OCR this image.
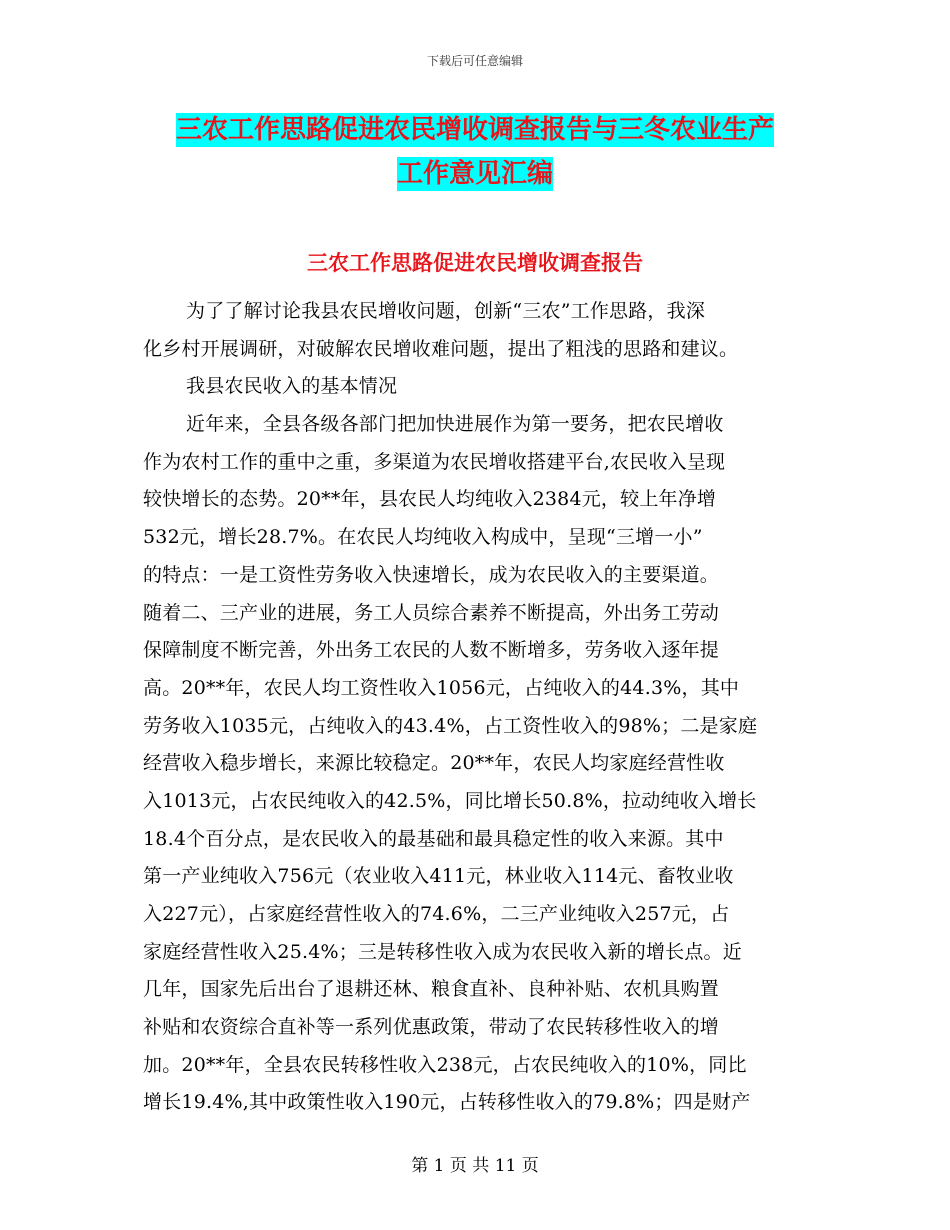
下载后可任意编辑
三农工作思路促进农民增收调查报告与三冬农业生产
工作意见汇编
三农工作思路促进农民增收调查报告
为了了解讨论我县农民增收问题，创新“三农”工作思路，我深
化乡村开展调研，对破解农民增收难问题，提出了粗浅的思路和建议。
我县农民收入的基本情况
近年来，全县各级各部门把加快进展作为第一要务，把农民增收
作为农村工作的重中之重，多渠道为农民增收搭建平台,农民收入呈现
较快增长的态势。20**年，县农民人均纯收入2384元，较上年净增
532元，增长28.7%。在农民人均纯收入构成中，呈现“三增一小”
的特点：一是工资性劳务收入快速增长，成为农民收入的主要渠道。
随着二、三产业的进展，务工人员综合素养不断提高，外出务工劳动
保障制度不断完善，外出务工农民的人数不断增多，劳务收入逐年提
高。20**年，农民人均工资性收入1056元，占纯收入的44.3%，其中
劳务收入1035元，占纯收入的43.4%，占工资性收入的98%；二是家庭
经营收入稳步增长，来源比较稳定。20**年，农民人均家庭经营性收
入1013元，占农民纯收入的42.5%，同比增长50.8%，拉动纯收入增长
18.4个百分点，是农民收入的最基础和最具稳定性的收入来源。其中
第一产业纯收入756元（农业收入411元，林业收入114元、畜牧业收
入227元），占家庭经营性收入的74.6%，二三产业纯收入257元，占
家庭经营性收入25.4%；三是转移性收入成为农民收入新的增长点。近
几年，国家先后出台了退耕还林、粮食直补、良种补贴、农机具购置
补贴和农资综合直补等一系列优惠政策，带动了农民转移性收入的增
加。20**年，全县农民转移性收入238元，占农民纯收入的10%，同比
增长19.4%,其中政策性收入190元，占转移性收入的79.8%；四是财产
第 1 页 共 11 页
